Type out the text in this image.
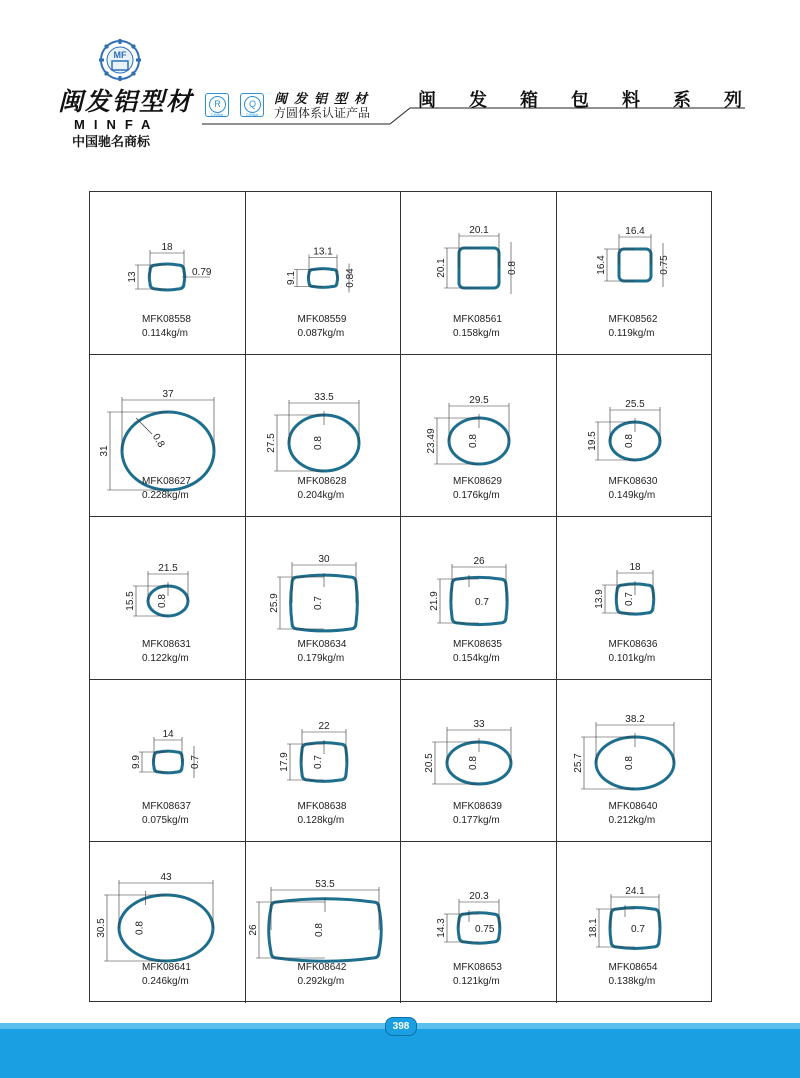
MF
闽发铝型材
MINFA
中国驰名商标
R
CHINA
Q
CHINA
闽发铝型材
方圆体系认证产品
闽 发 箱 包 料 系 列
18
13	0.79
MFK08558
0.114kg/m
13.1
9.1	0.84
MFK08559
0.087kg/m
20.1
20.1	0.8
MFK08561
0.158kg/m
16.4
16.4	0.75
MFK08562
0.119kg/m
37
31
0.8
MFK08627
0.228kg/m
33.5
27.5	0.8
MFK08628
0.204kg/m
29.5
23.49	0.8
MFK08629
0.176kg/m
25.5
19.5	0.8
MFK08630
0.149kg/m
21.5
15.5 0.8
MFK08631
0.122kg/m
30
25.9	0.7
MFK08634
0.179kg/m
26
21.9	0.7
MFK08635
0.154kg/m
18
13.9 0.7
MFK08636
0.101kg/m
14
9.9	0.7
MFK08637
0.075kg/m
22
17.9 0.7
MFK08638
0.128kg/m
33
20.5	0.8
MFK08639
0.177kg/m
38.2
25.7	0.8
MFK08640
0.212kg/m
43
30.5	0.8
MFK08641
0.246kg/m
53.5
26	0.8
MFK08642
0.292kg/m
20.3
14.3	0.75
MFK08653
0.121kg/m
24.1
18.1	0.7
MFK08654
0.138kg/m
398
